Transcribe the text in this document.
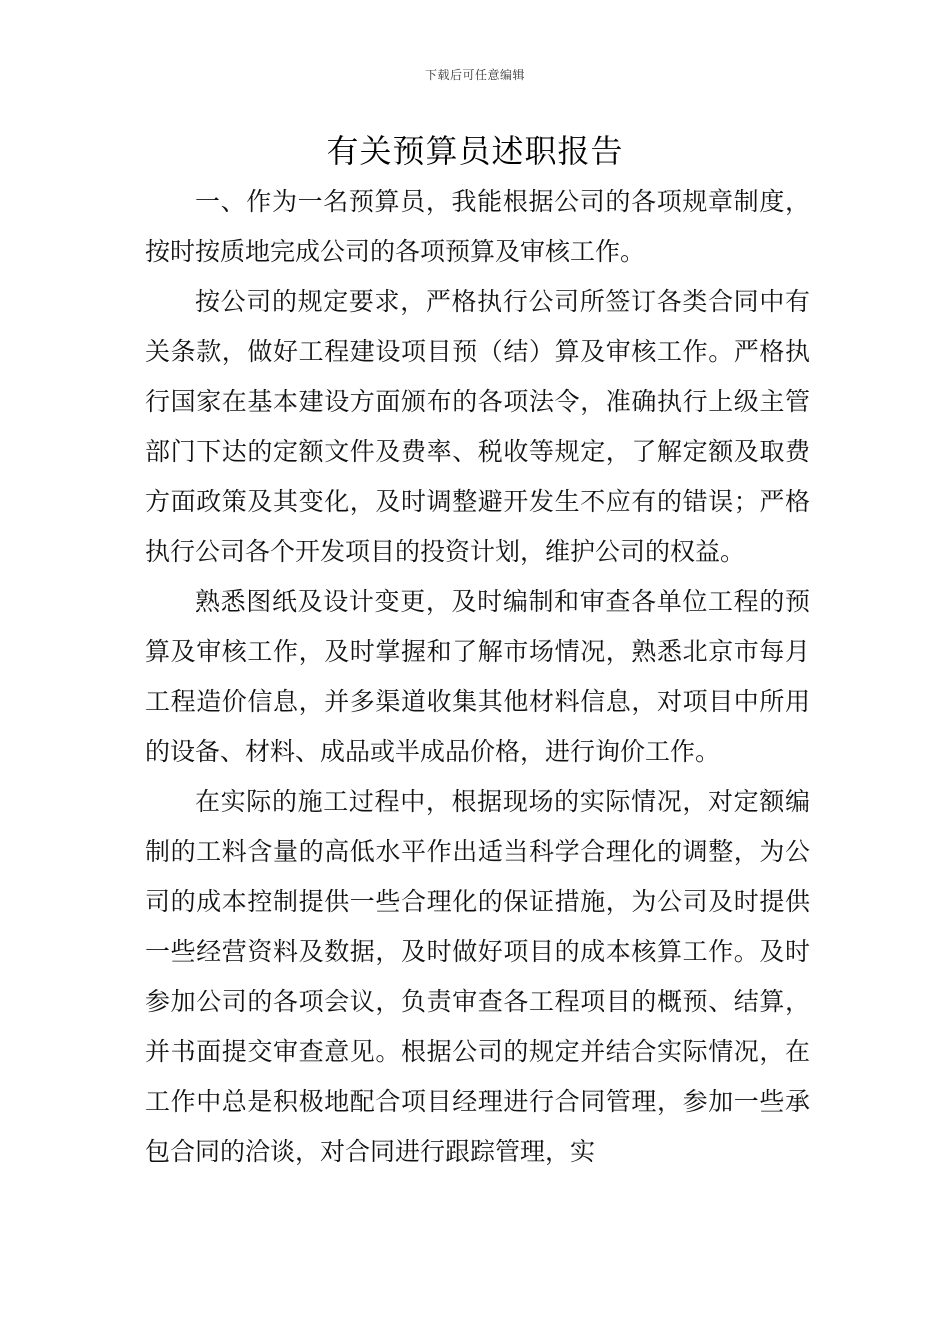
下载后可任意编辑
有关预算员述职报告

一、作为一名预算员，我能根据公司的各项规章制度，按时按质地完成公司的各项预算及审核工作。

按公司的规定要求，严格执行公司所签订各类合同中有关条款，做好工程建设项目预（结）算及审核工作。严格执行国家在基本建设方面颁布的各项法令，准确执行上级主管部门下达的定额文件及费率、税收等规定，了解定额及取费方面政策及其变化，及时调整避开发生不应有的错误；严格执行公司各个开发项目的投资计划，维护公司的权益。

熟悉图纸及设计变更，及时编制和审查各单位工程的预算及审核工作，及时掌握和了解市场情况，熟悉北京市每月工程造价信息，并多渠道收集其他材料信息，对项目中所用的设备、材料、成品或半成品价格，进行询价工作。

在实际的施工过程中，根据现场的实际情况，对定额编制的工料含量的高低水平作出适当科学合理化的调整，为公司的成本控制提供一些合理化的保证措施，为公司及时提供一些经营资料及数据，及时做好项目的成本核算工作。及时参加公司的各项会议，负责审查各工程项目的概预、结算，并书面提交审查意见。根据公司的规定并结合实际情况，在工作中总是积极地配合项目经理进行合同管理，参加一些承包合同的洽谈，对合同进行跟踪管理，实
